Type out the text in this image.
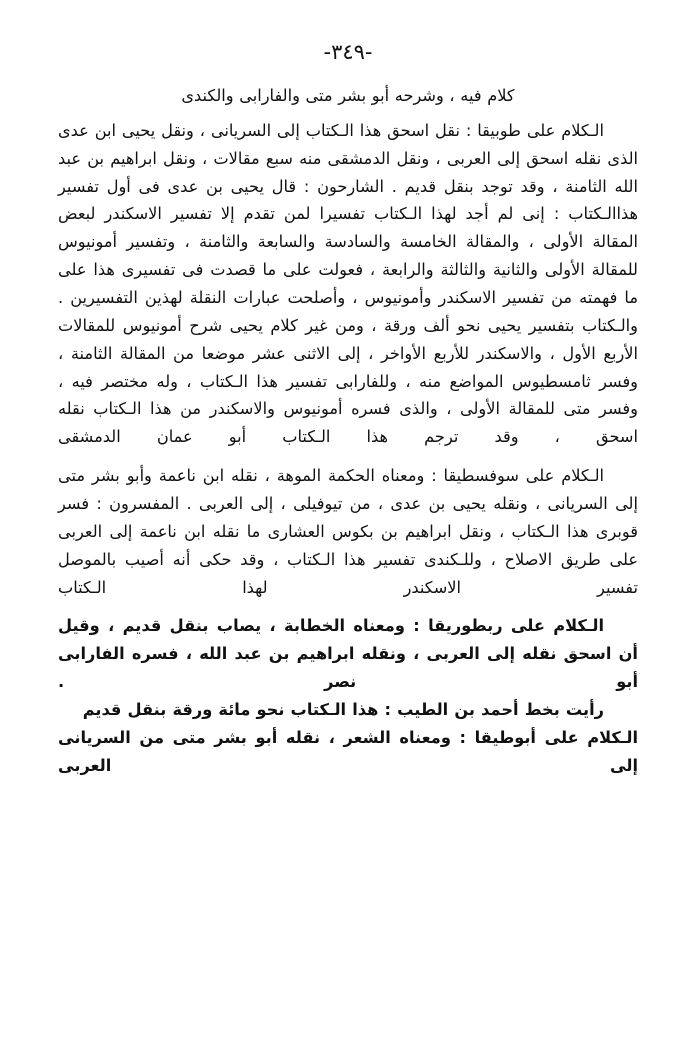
-٣٤٩-

كلام فيه ، وشرحه أبو بشر متى والفارابى والكندى

الـكلام على طوبيقا : نقل اسحق هذا الـكتاب إلى السريانى ، ونقل يحيى ابن عدى الذى نقله اسحق إلى العربى ، ونقل الدمشقى منه سبع مقالات ، ونقل ابراهيم بن عبد الله الثامنة ، وقد توجد بنقل قديم . الشارحون : قال يحيى بن عدى فى أول تفسير هذاالـكتاب : إنى لم أجد لهذا الـكتاب تفسيرا لمن تقدم إلا تفسير الاسكندر لبعض المقالة الأولى ، والمقالة الخامسة والسادسة والسابعة والثامنة ، وتفسير أمونيوس للمقالة الأولى والثانية والثالثة والرابعة ، فعولت على ما قصدت فى تفسيرى هذا على ما فهمته من تفسير الاسكندر وأمونيوس ، وأصلحت عبارات النقلة لهذين التفسيرين . والـكتاب بتفسير يحيى نحو ألف ورقة ، ومن غير كلام يحيى شرح أمونيوس للمقالات الأربع الأول ، والاسكندر للأربع الأواخر ، إلى الاثنى عشر موضعا من المقالة الثامنة ، وفسر ثامسطيوس المواضع منه ، وللفارابى تفسير هذا الـكتاب ، وله مختصر فيه ، وفسر متى للمقالة الأولى ، والذى فسره أمونيوس والاسكندر من هذا الـكتاب نقله اسحق ، وقد ترجم هذا الـكتاب أبو عمان الدمشقى

الـكلام على سوفسطيقا : ومعناه الحكمة الموهة ، نقله ابن ناعمة وأبو بشر متى إلى السريانى ، ونقله يحيى بن عدى ، من تيوفيلى ، إلى العربى . المفسرون : فسر قوبرى هذا الـكتاب ، ونقل ابراهيم بن بكوس العشارى ما نقله ابن ناعمة إلى العربى على طريق الاصلاح ، وللـكندى تفسير هذا الـكتاب ، وقد حكى أنه أصيب بالموصل تفسير الاسكندر لهذا الـكتاب

الـكلام على ربطوريقا : ومعناه الخطابة ، يصاب بنقل قديم ، وقيل أن اسحق نقله إلى العربى ، ونقله ابراهيم بن عبد الله ، فسره الفارابى أبو نصر .

رأيت بخط أحمد بن الطيب : هذا الـكتاب نحو مائة ورقة بنقل قديم

الـكلام على أبوطيقا : ومعناه الشعر ، نقله أبو بشر متى من السريانى إلى العربى
